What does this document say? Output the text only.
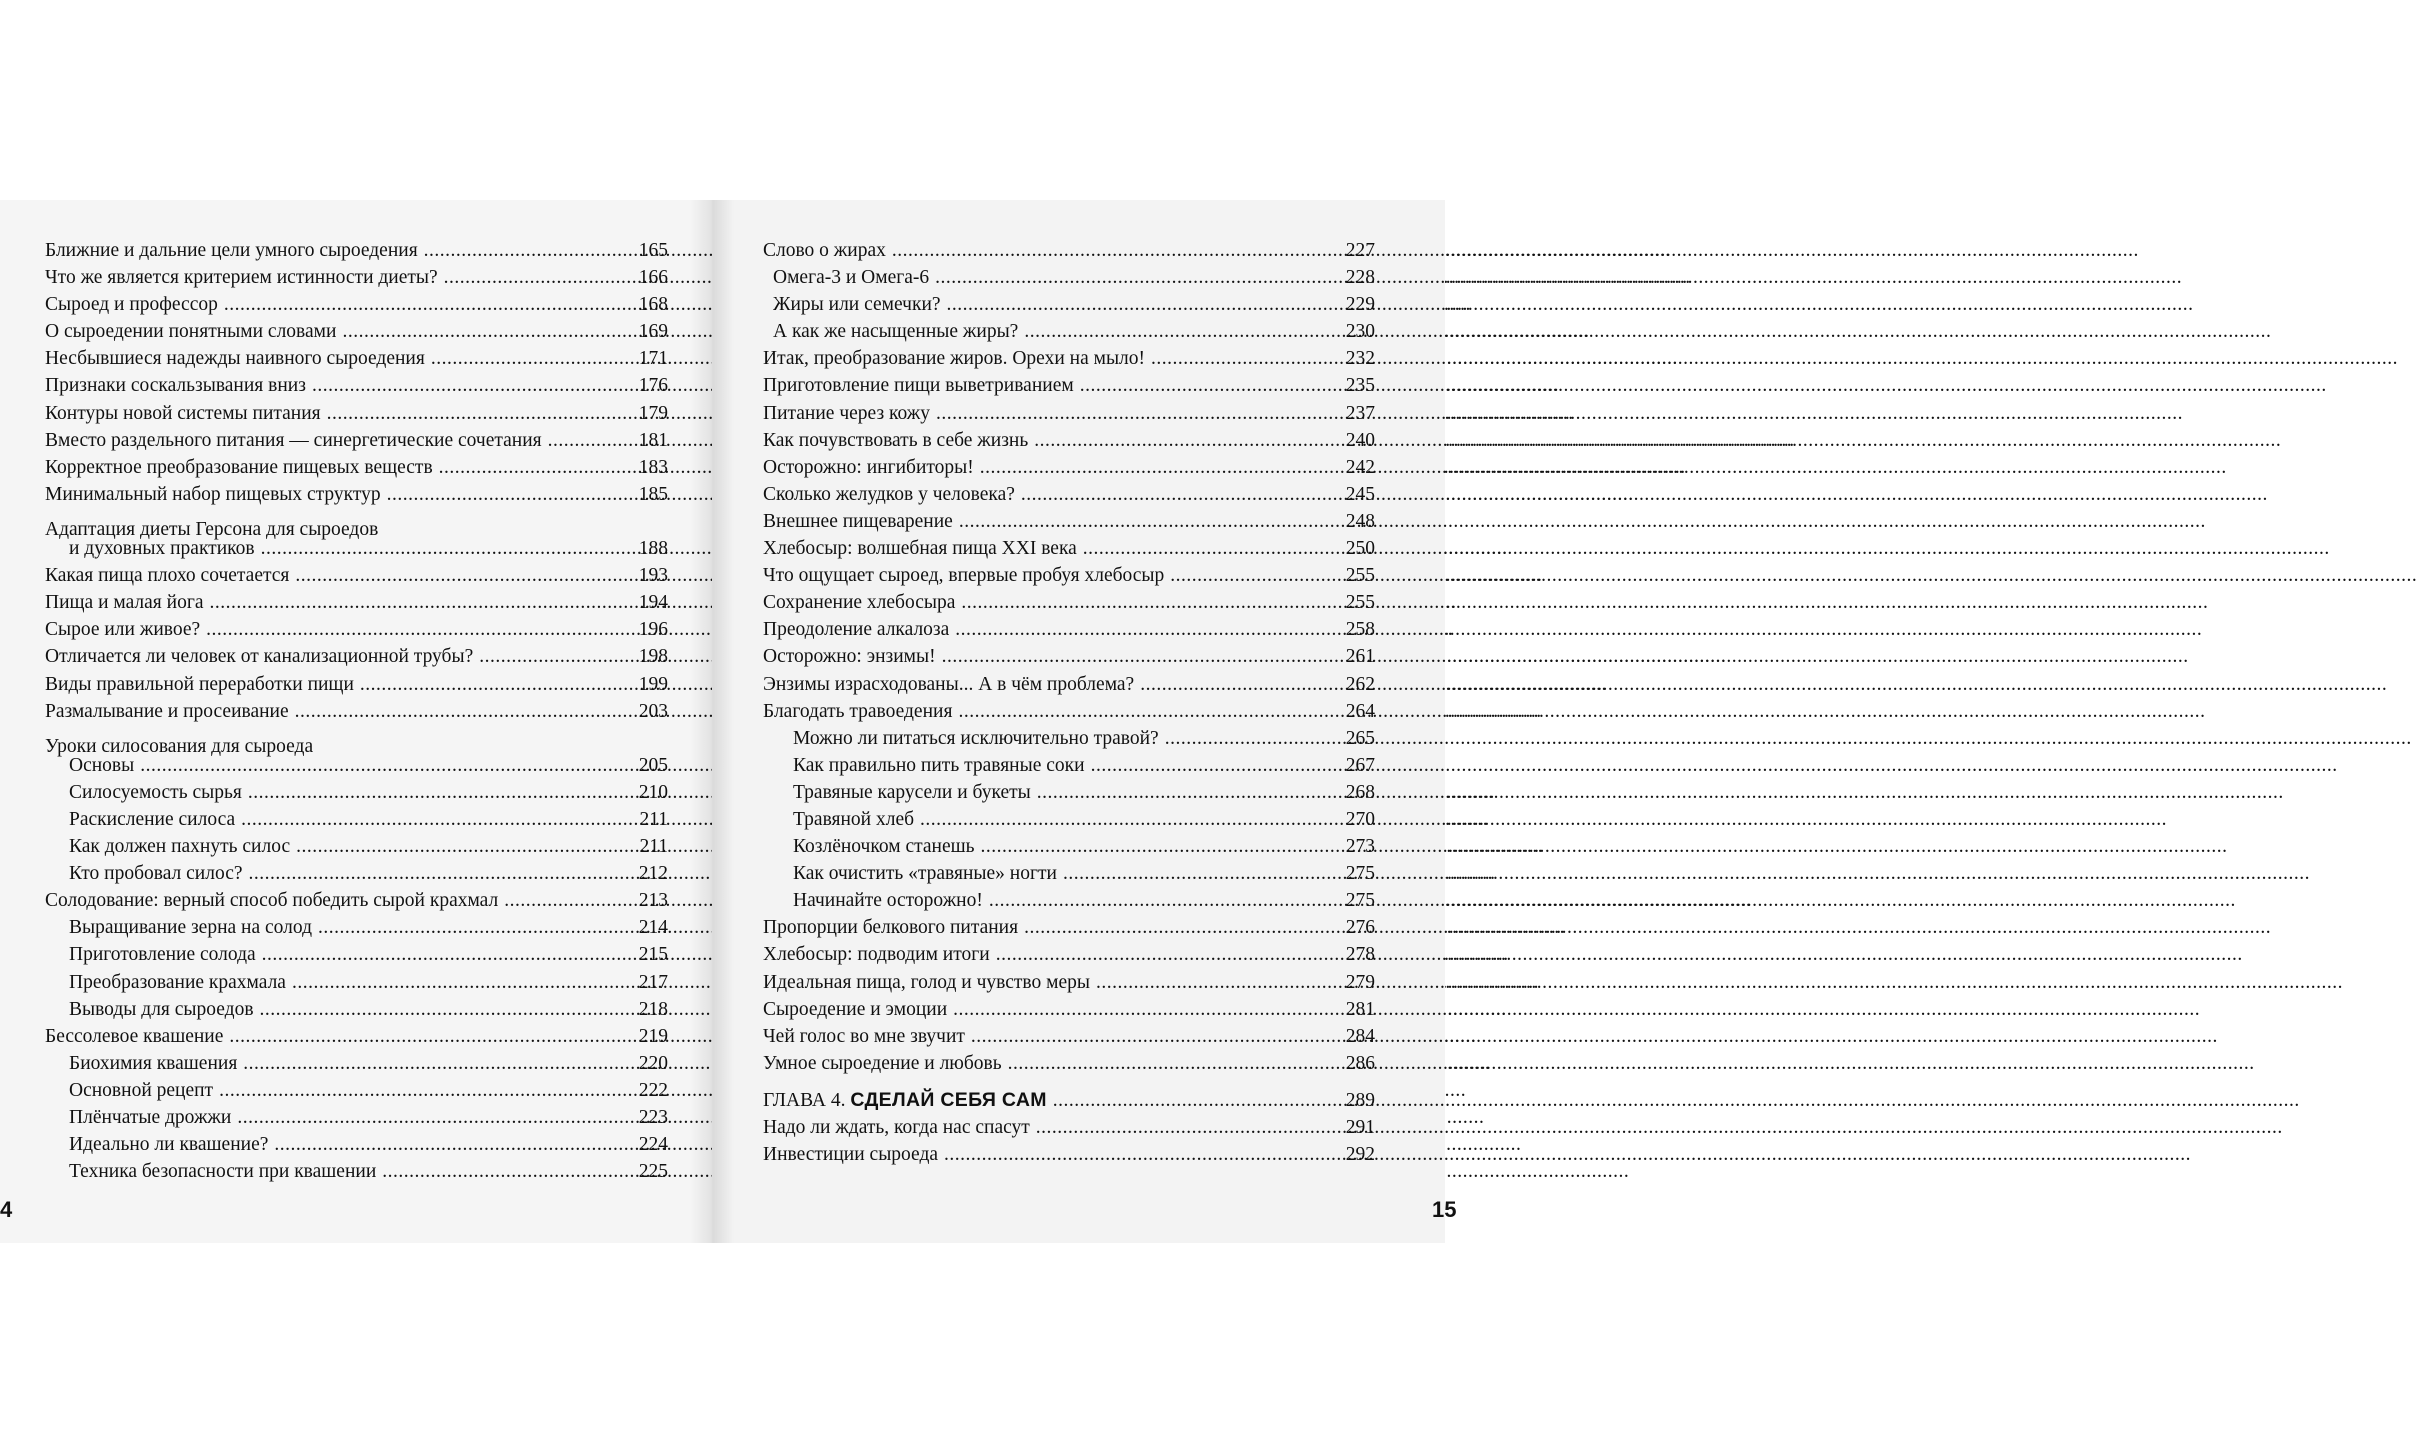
Ближние и дальние цели умного сыроедения .....	165
Что же является критерием истинности диеты? .....	166
Сыроед и профессор .....	168
О сыроедении понятными словами .....	169
Несбывшиеся надежды наивного сыроедения .....	171
Признаки соскальзывания вниз .....	176
Контуры новой системы питания .....	179
Вместо раздельного питания — синергетические сочетания .....	181
Корректное преобразование пищевых веществ .....	183
Минимальный набор пищевых структур .....	185
Адаптация диеты Герсона для сыроедов
и духовных практиков .....	188
Какая пища плохо сочетается .....	193
Пища и малая йога .....	194
Сырое или живое? .....	196
Отличается ли человек от канализационной трубы? .....	198
Виды правильной переработки пищи .....	199
Размалывание и просеивание .....	203
Уроки силосования для сыроеда
Основы .....	205
Силосуемость сырья .....	210
Раскисление силоса .....	211
Как должен пахнуть силос .....	211
Кто пробовал силос? .....	212
Солодование: верный способ победить сырой крахмал .....	213
Выращивание зерна на солод .....	214
Приготовление солода .....	215
Преобразование крахмала .....	217
Выводы для сыроедов .....	218
Бессолевое квашение .....	219
Биохимия квашения .....	220
Основной рецепт .....	222
Плёнчатые дрожжи .....	223
Идеально ли квашение? .....	224
Техника безопасности при квашении .....	225
4
Слово о жирах .....	227
Омега-3 и Омега-6 .....	228
Жиры или семечки? .....	229
А как же насыщенные жиры? .....	230
Итак, преобразование жиров. Орехи на мыло! .....	232
Приготовление пищи выветриванием .....	235
Питание через кожу .....	237
Как почувствовать в себе жизнь .....	240
Осторожно: ингибиторы! .....	242
Сколько желудков у человека? .....	245
Внешнее пищеварение .....	248
Хлебосыр: волшебная пища XXI века .....	250
Что ощущает сыроед, впервые пробуя хлебосыр .....	255
Сохранение хлебосыра .....	255
Преодоление алкалоза .....	258
Осторожно: энзимы! .....	261
Энзимы израсходованы... А в чём проблема? .....	262
Благодать травоедения .....	264
Можно ли питаться исключительно травой? .....	265
Как правильно пить травяные соки .....	267
Травяные карусели и букеты .....	268
Травяной хлеб .....	270
Козлёночком станешь .....	273
Как очистить «травяные» ногти .....	275
Начинайте осторожно! .....	275
Пропорции белкового питания .....	276
Хлебосыр: подводим итоги .....	278
Идеальная пища, голод и чувство меры .....	279
Сыроедение и эмоции .....	281
Чей голос во мне звучит .....	284
Умное сыроедение и любовь .....	286
ГЛАВА 4. СДЕЛАЙ СЕБЯ САМ .....	289
Надо ли ждать, когда нас спасут .....	291
Инвестиции сыроеда .....	292
15
